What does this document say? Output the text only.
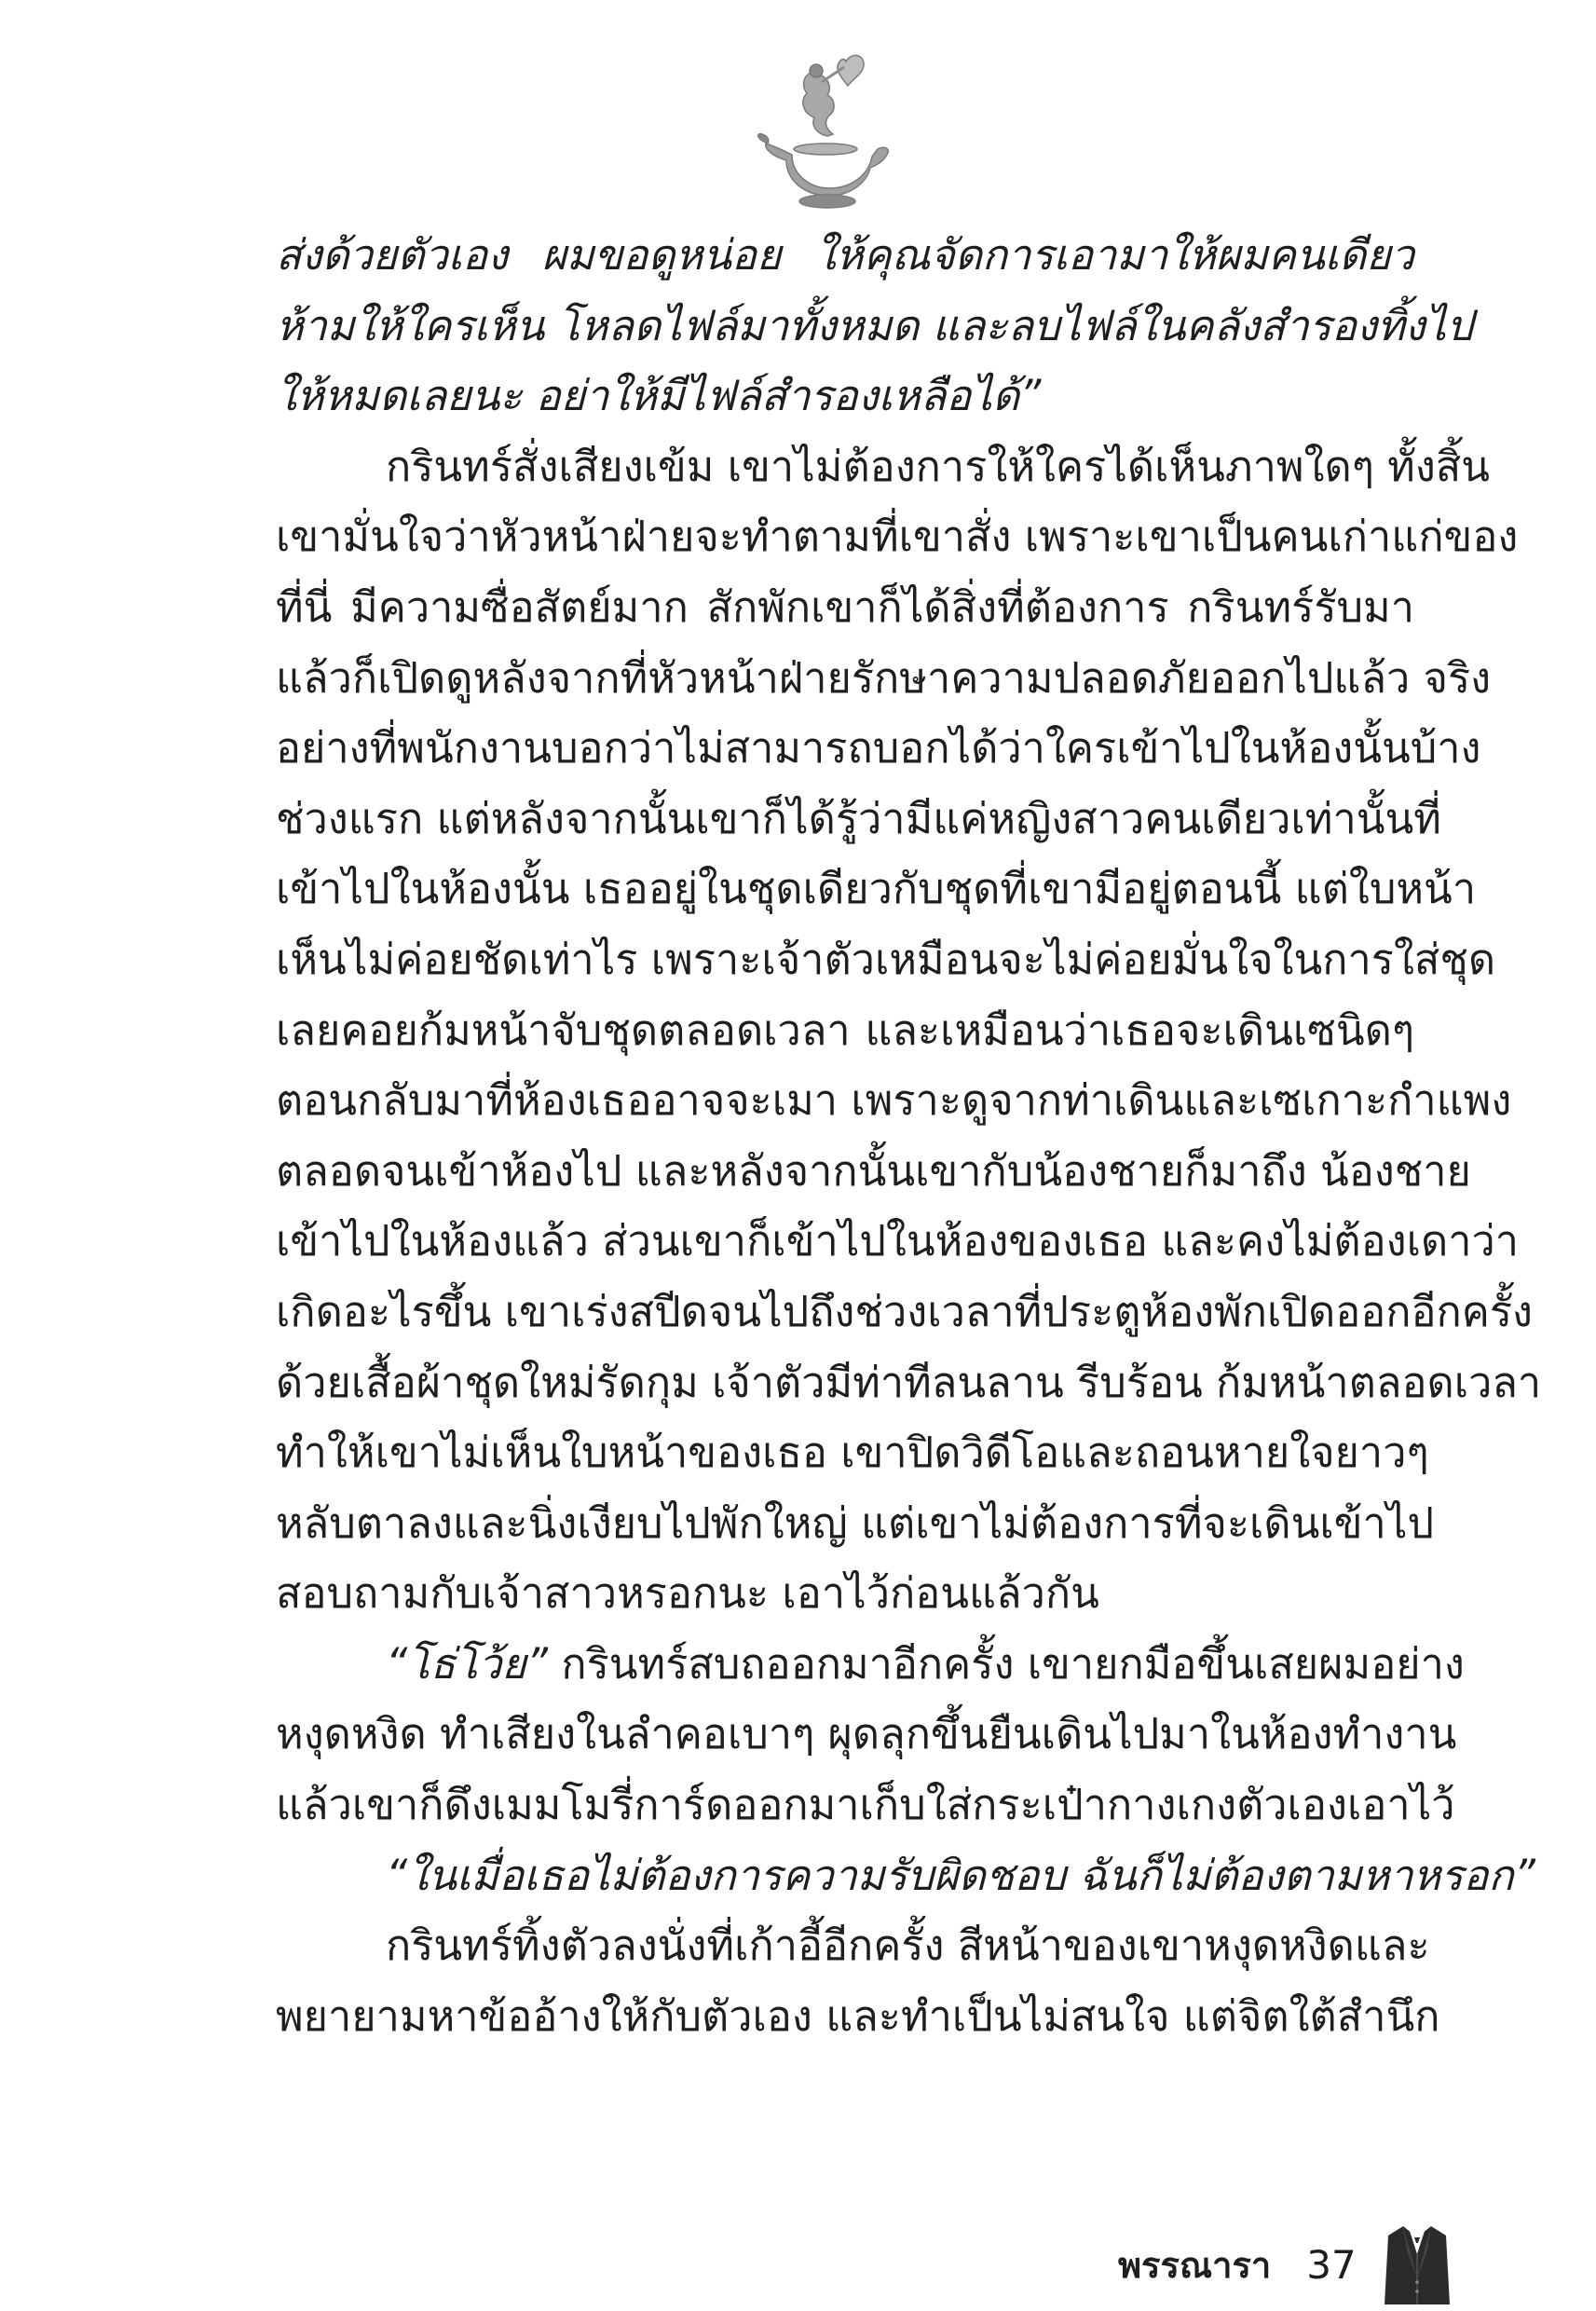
ส่งด้วยตัวเอง ผมขอดูหน่อย ให้คุณจัดการเอามาให้ผมคนเดียว
ห้ามให้ใครเห็น โหลดไฟล์มาทั้งหมด และลบไฟล์ในคลังสำรองทิ้งไป
ให้หมดเลยนะ อย่าให้มีไฟล์สำรองเหลือได้”
กรินทร์สั่งเสียงเข้ม เขาไม่ต้องการให้ใครได้เห็นภาพใดๆ ทั้งสิ้น
เขามั่นใจว่าหัวหน้าฝ่ายจะทำตามที่เขาสั่ง เพราะเขาเป็นคนเก่าแก่ของ
ที่นี่ มีความซื่อสัตย์มาก สักพักเขาก็ได้สิ่งที่ต้องการ กรินทร์รับมา
แล้วก็เปิดดูหลังจากที่หัวหน้าฝ่ายรักษาความปลอดภัยออกไปแล้ว จริง
อย่างที่พนักงานบอกว่าไม่สามารถบอกได้ว่าใครเข้าไปในห้องนั้นบ้าง
ช่วงแรก แต่หลังจากนั้นเขาก็ได้รู้ว่ามีแค่หญิงสาวคนเดียวเท่านั้นที่
เข้าไปในห้องนั้น เธออยู่ในชุดเดียวกับชุดที่เขามีอยู่ตอนนี้ แต่ใบหน้า
เห็นไม่ค่อยชัดเท่าไร เพราะเจ้าตัวเหมือนจะไม่ค่อยมั่นใจในการใส่ชุด
เลยคอยก้มหน้าจับชุดตลอดเวลา และเหมือนว่าเธอจะเดินเซนิดๆ
ตอนกลับมาที่ห้องเธออาจจะเมา เพราะดูจากท่าเดินและเซเกาะกำแพง
ตลอดจนเข้าห้องไป และหลังจากนั้นเขากับน้องชายก็มาถึง น้องชาย
เข้าไปในห้องแล้ว ส่วนเขาก็เข้าไปในห้องของเธอ และคงไม่ต้องเดาว่า
เกิดอะไรขึ้น เขาเร่งสปีดจนไปถึงช่วงเวลาที่ประตูห้องพักเปิดออกอีกครั้ง
ด้วยเสื้อผ้าชุดใหม่รัดกุม เจ้าตัวมีท่าทีลนลาน รีบร้อน ก้มหน้าตลอดเวลา
ทำให้เขาไม่เห็นใบหน้าของเธอ เขาปิดวิดีโอและถอนหายใจยาวๆ
หลับตาลงและนิ่งเงียบไปพักใหญ่ แต่เขาไม่ต้องการที่จะเดินเข้าไป
สอบถามกับเจ้าสาวหรอกนะ เอาไว้ก่อนแล้วกัน
“โธ่โว้ย” กรินทร์สบถออกมาอีกครั้ง เขายกมือขึ้นเสยผมอย่าง
หงุดหงิด ทำเสียงในลำคอเบาๆ ผุดลุกขึ้นยืนเดินไปมาในห้องทำงาน
แล้วเขาก็ดึงเมมโมรี่การ์ดออกมาเก็บใส่กระเป๋ากางเกงตัวเองเอาไว้
“ในเมื่อเธอไม่ต้องการความรับผิดชอบ ฉันก็ไม่ต้องตามหาหรอก”
กรินทร์ทิ้งตัวลงนั่งที่เก้าอี้อีกครั้ง สีหน้าของเขาหงุดหงิดและ
พยายามหาข้ออ้างให้กับตัวเอง และทำเป็นไม่สนใจ แต่จิตใต้สำนึก
พรรณารา 37
